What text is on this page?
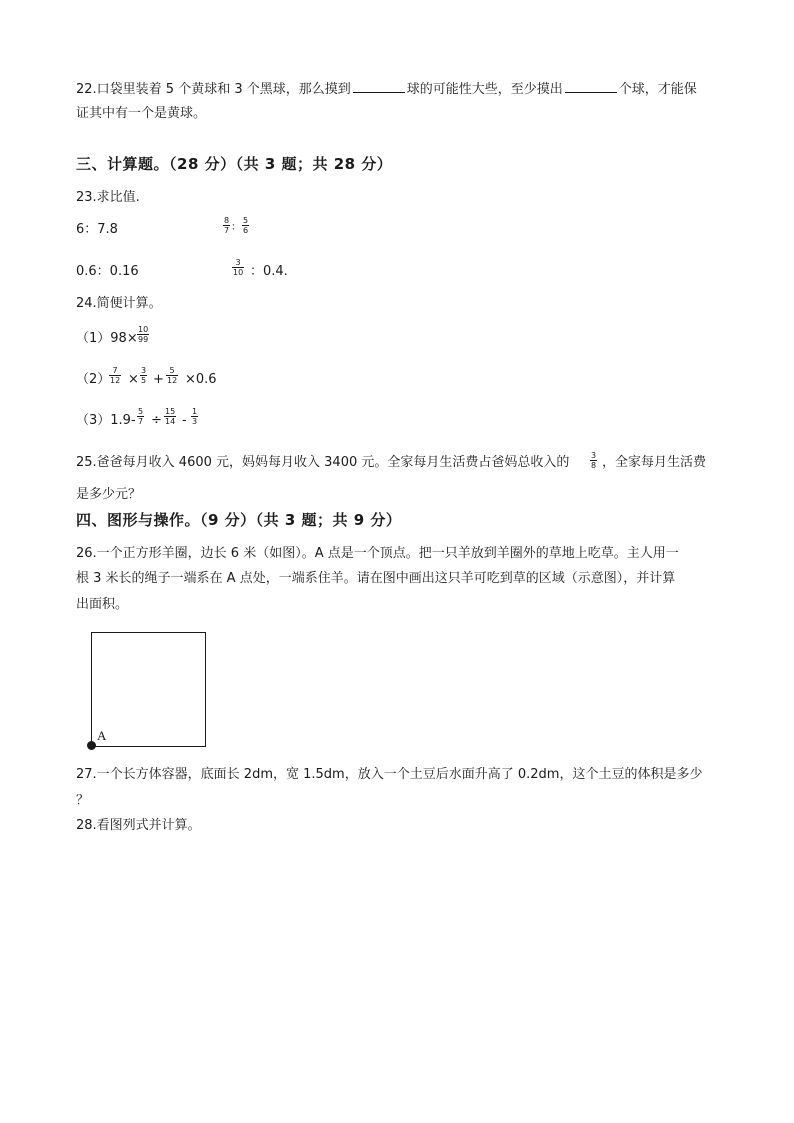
22.口袋里装着 5 个黄球和 3 个黑球，那么摸到	球的可能性大些，至少摸出	个球，才能保
证其中有一个是黄球。
三、计算题。（28 分）（共 3 题；共 28 分）
23.求比值.
6：7.8
8
7 ：
5
6
0.6：0.16
3
10 ：0.4.
24.简便计算。
（1）98×
10
99
（2）
7
12 ×
3
5 +
5
12 ×0.6
（3）1.9-
5
7 ÷
15
14 -
1
3
25.爸爸每月收入 4600 元，妈妈每月收入 3400 元。全家每月生活费占爸妈总收入的	3
8 ，全家每月生活费
是多少元？
四、图形与操作。（9 分）（共 3 题；共 9 分）
26.一个正方形羊圈，边长 6 米（如图）。A 点是一个顶点。把一只羊放到羊圈外的草地上吃草。主人用一
根 3 米长的绳子一端系在 A 点处，一端系住羊。请在图中画出这只羊可吃到草的区域（示意图），并计算
出面积。
A
27.一个长方体容器，底面长 2dm，宽 1.5dm，放入一个土豆后水面升高了 0.2dm，这个土豆的体积是多少
？
28.看图列式并计算。
